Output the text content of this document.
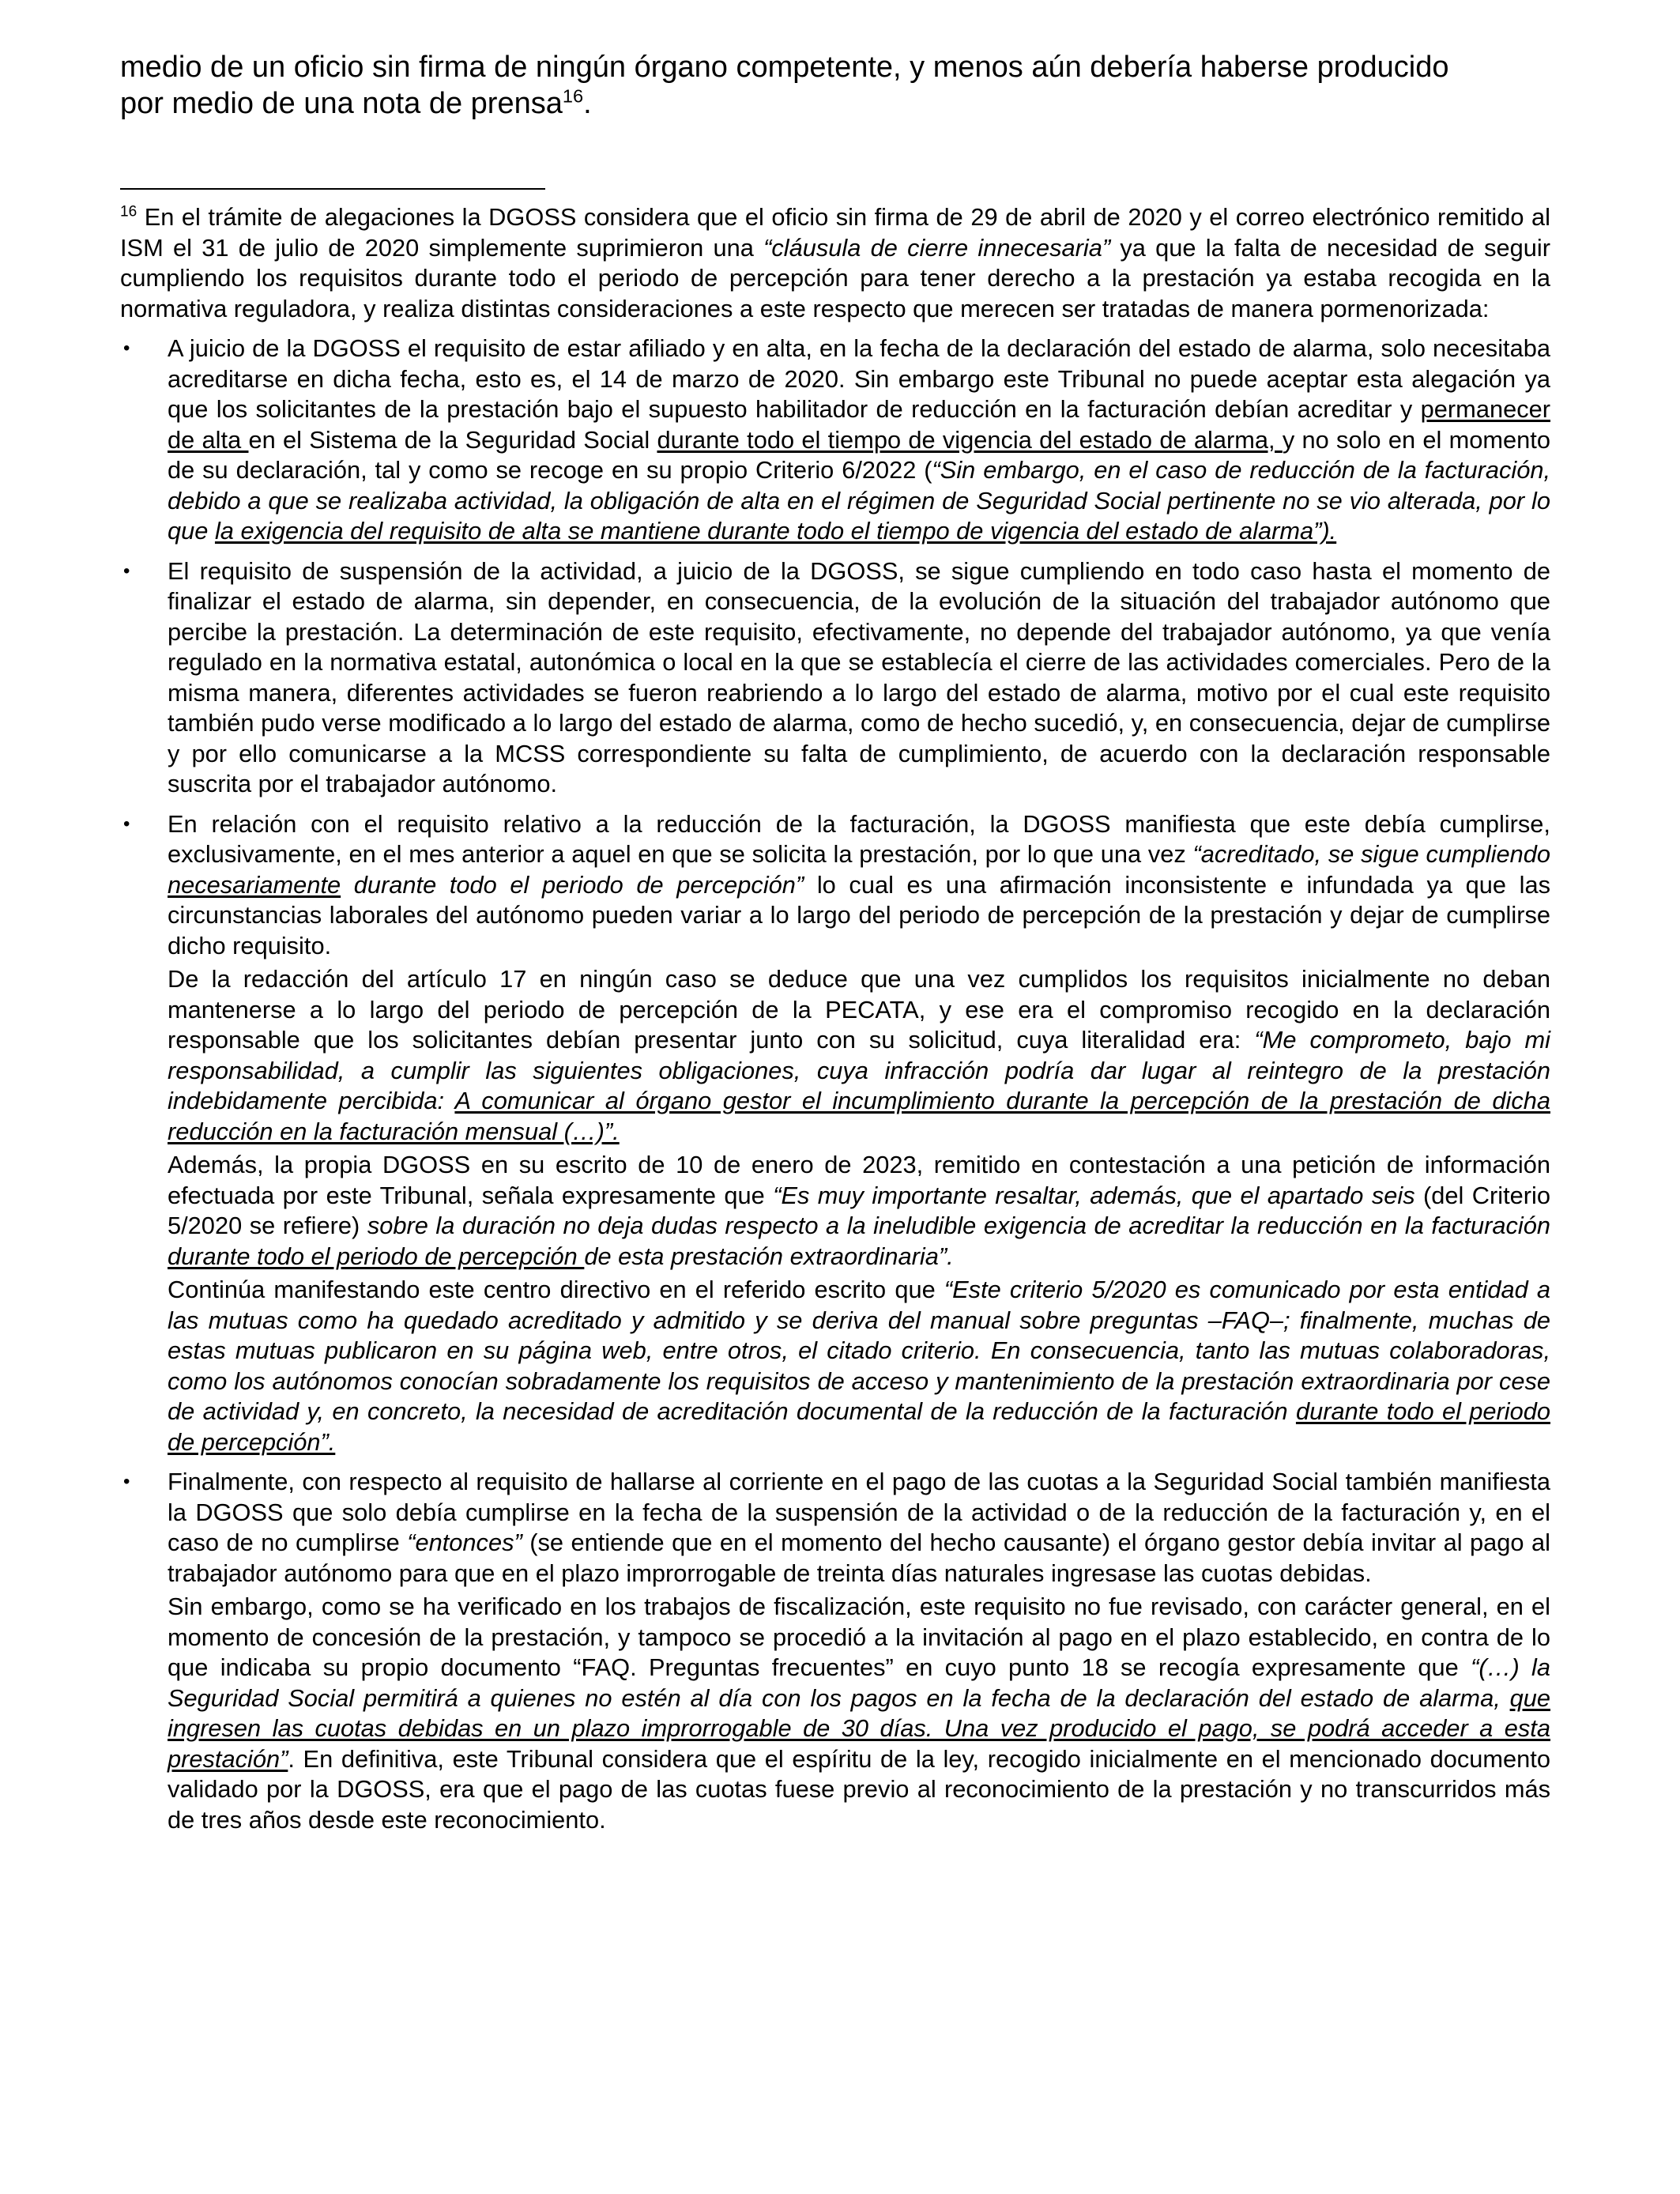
medio de un oficio sin firma de ningún órgano competente, y menos aún debería haberse producido
por medio de una nota de prensa$^{16}$.

$^{16}$ En el trámite de alegaciones la DGOSS considera que el oficio sin firma de 29 de abril de 2020 y el correo electrónico remitido al ISM el 31 de julio de 2020 simplemente suprimieron una “cláusula de cierre innecesaria” ya que la falta de necesidad de seguir cumpliendo los requisitos durante todo el periodo de percepción para tener derecho a la prestación ya estaba recogida en la normativa reguladora, y realiza distintas consideraciones a este respecto que merecen ser tratadas de manera pormenorizada:

• A juicio de la DGOSS el requisito de estar afiliado y en alta, en la fecha de la declaración del estado de alarma, solo necesitaba acreditarse en dicha fecha, esto es, el 14 de marzo de 2020. Sin embargo este Tribunal no puede aceptar esta alegación ya que los solicitantes de la prestación bajo el supuesto habilitador de reducción en la facturación debían acreditar y permanecer de alta en el Sistema de la Seguridad Social durante todo el tiempo de vigencia del estado de alarma, y no solo en el momento de su declaración, tal y como se recoge en su propio Criterio 6/2022 (“Sin embargo, en el caso de reducción de la facturación, debido a que se realizaba actividad, la obligación de alta en el régimen de Seguridad Social pertinente no se vio alterada, por lo que la exigencia del requisito de alta se mantiene durante todo el tiempo de vigencia del estado de alarma”).

• El requisito de suspensión de la actividad, a juicio de la DGOSS, se sigue cumpliendo en todo caso hasta el momento de finalizar el estado de alarma, sin depender, en consecuencia, de la evolución de la situación del trabajador autónomo que percibe la prestación. La determinación de este requisito, efectivamente, no depende del trabajador autónomo, ya que venía regulado en la normativa estatal, autonómica o local en la que se establecía el cierre de las actividades comerciales. Pero de la misma manera, diferentes actividades se fueron reabriendo a lo largo del estado de alarma, motivo por el cual este requisito también pudo verse modificado a lo largo del estado de alarma, como de hecho sucedió, y, en consecuencia, dejar de cumplirse y por ello comunicarse a la MCSS correspondiente su falta de cumplimiento, de acuerdo con la declaración responsable suscrita por el trabajador autónomo.

• En relación con el requisito relativo a la reducción de la facturación, la DGOSS manifiesta que este debía cumplirse, exclusivamente, en el mes anterior a aquel en que se solicita la prestación, por lo que una vez “acreditado, se sigue cumpliendo necesariamente durante todo el periodo de percepción” lo cual es una afirmación inconsistente e infundada ya que las circunstancias laborales del autónomo pueden variar a lo largo del periodo de percepción de la prestación y dejar de cumplirse dicho requisito.

De la redacción del artículo 17 en ningún caso se deduce que una vez cumplidos los requisitos inicialmente no deban mantenerse a lo largo del periodo de percepción de la PECATA, y ese era el compromiso recogido en la declaración responsable que los solicitantes debían presentar junto con su solicitud, cuya literalidad era: “Me comprometo, bajo mi responsabilidad, a cumplir las siguientes obligaciones, cuya infracción podría dar lugar al reintegro de la prestación indebidamente percibida: A comunicar al órgano gestor el incumplimiento durante la percepción de la prestación de dicha reducción en la facturación mensual (…)”.

Además, la propia DGOSS en su escrito de 10 de enero de 2023, remitido en contestación a una petición de información efectuada por este Tribunal, señala expresamente que “Es muy importante resaltar, además, que el apartado seis (del Criterio 5/2020 se refiere) sobre la duración no deja dudas respecto a la ineludible exigencia de acreditar la reducción en la facturación durante todo el periodo de percepción de esta prestación extraordinaria”.

Continúa manifestando este centro directivo en el referido escrito que “Este criterio 5/2020 es comunicado por esta entidad a las mutuas como ha quedado acreditado y admitido y se deriva del manual sobre preguntas –FAQ–; finalmente, muchas de estas mutuas publicaron en su página web, entre otros, el citado criterio. En consecuencia, tanto las mutuas colaboradoras, como los autónomos conocían sobradamente los requisitos de acceso y mantenimiento de la prestación extraordinaria por cese de actividad y, en concreto, la necesidad de acreditación documental de la reducción de la facturación durante todo el periodo de percepción”.

• Finalmente, con respecto al requisito de hallarse al corriente en el pago de las cuotas a la Seguridad Social también manifiesta la DGOSS que solo debía cumplirse en la fecha de la suspensión de la actividad o de la reducción de la facturación y, en el caso de no cumplirse “entonces” (se entiende que en el momento del hecho causante) el órgano gestor debía invitar al pago al trabajador autónomo para que en el plazo improrrogable de treinta días naturales ingresase las cuotas debidas.

Sin embargo, como se ha verificado en los trabajos de fiscalización, este requisito no fue revisado, con carácter general, en el momento de concesión de la prestación, y tampoco se procedió a la invitación al pago en el plazo establecido, en contra de lo que indicaba su propio documento “FAQ. Preguntas frecuentes” en cuyo punto 18 se recogía expresamente que “(…) la Seguridad Social permitirá a quienes no estén al día con los pagos en la fecha de la declaración del estado de alarma, que ingresen las cuotas debidas en un plazo improrrogable de 30 días. Una vez producido el pago, se podrá acceder a esta prestación”. En definitiva, este Tribunal considera que el espíritu de la ley, recogido inicialmente en el mencionado documento validado por la DGOSS, era que el pago de las cuotas fuese previo al reconocimiento de la prestación y no transcurridos más de tres años desde este reconocimiento.
